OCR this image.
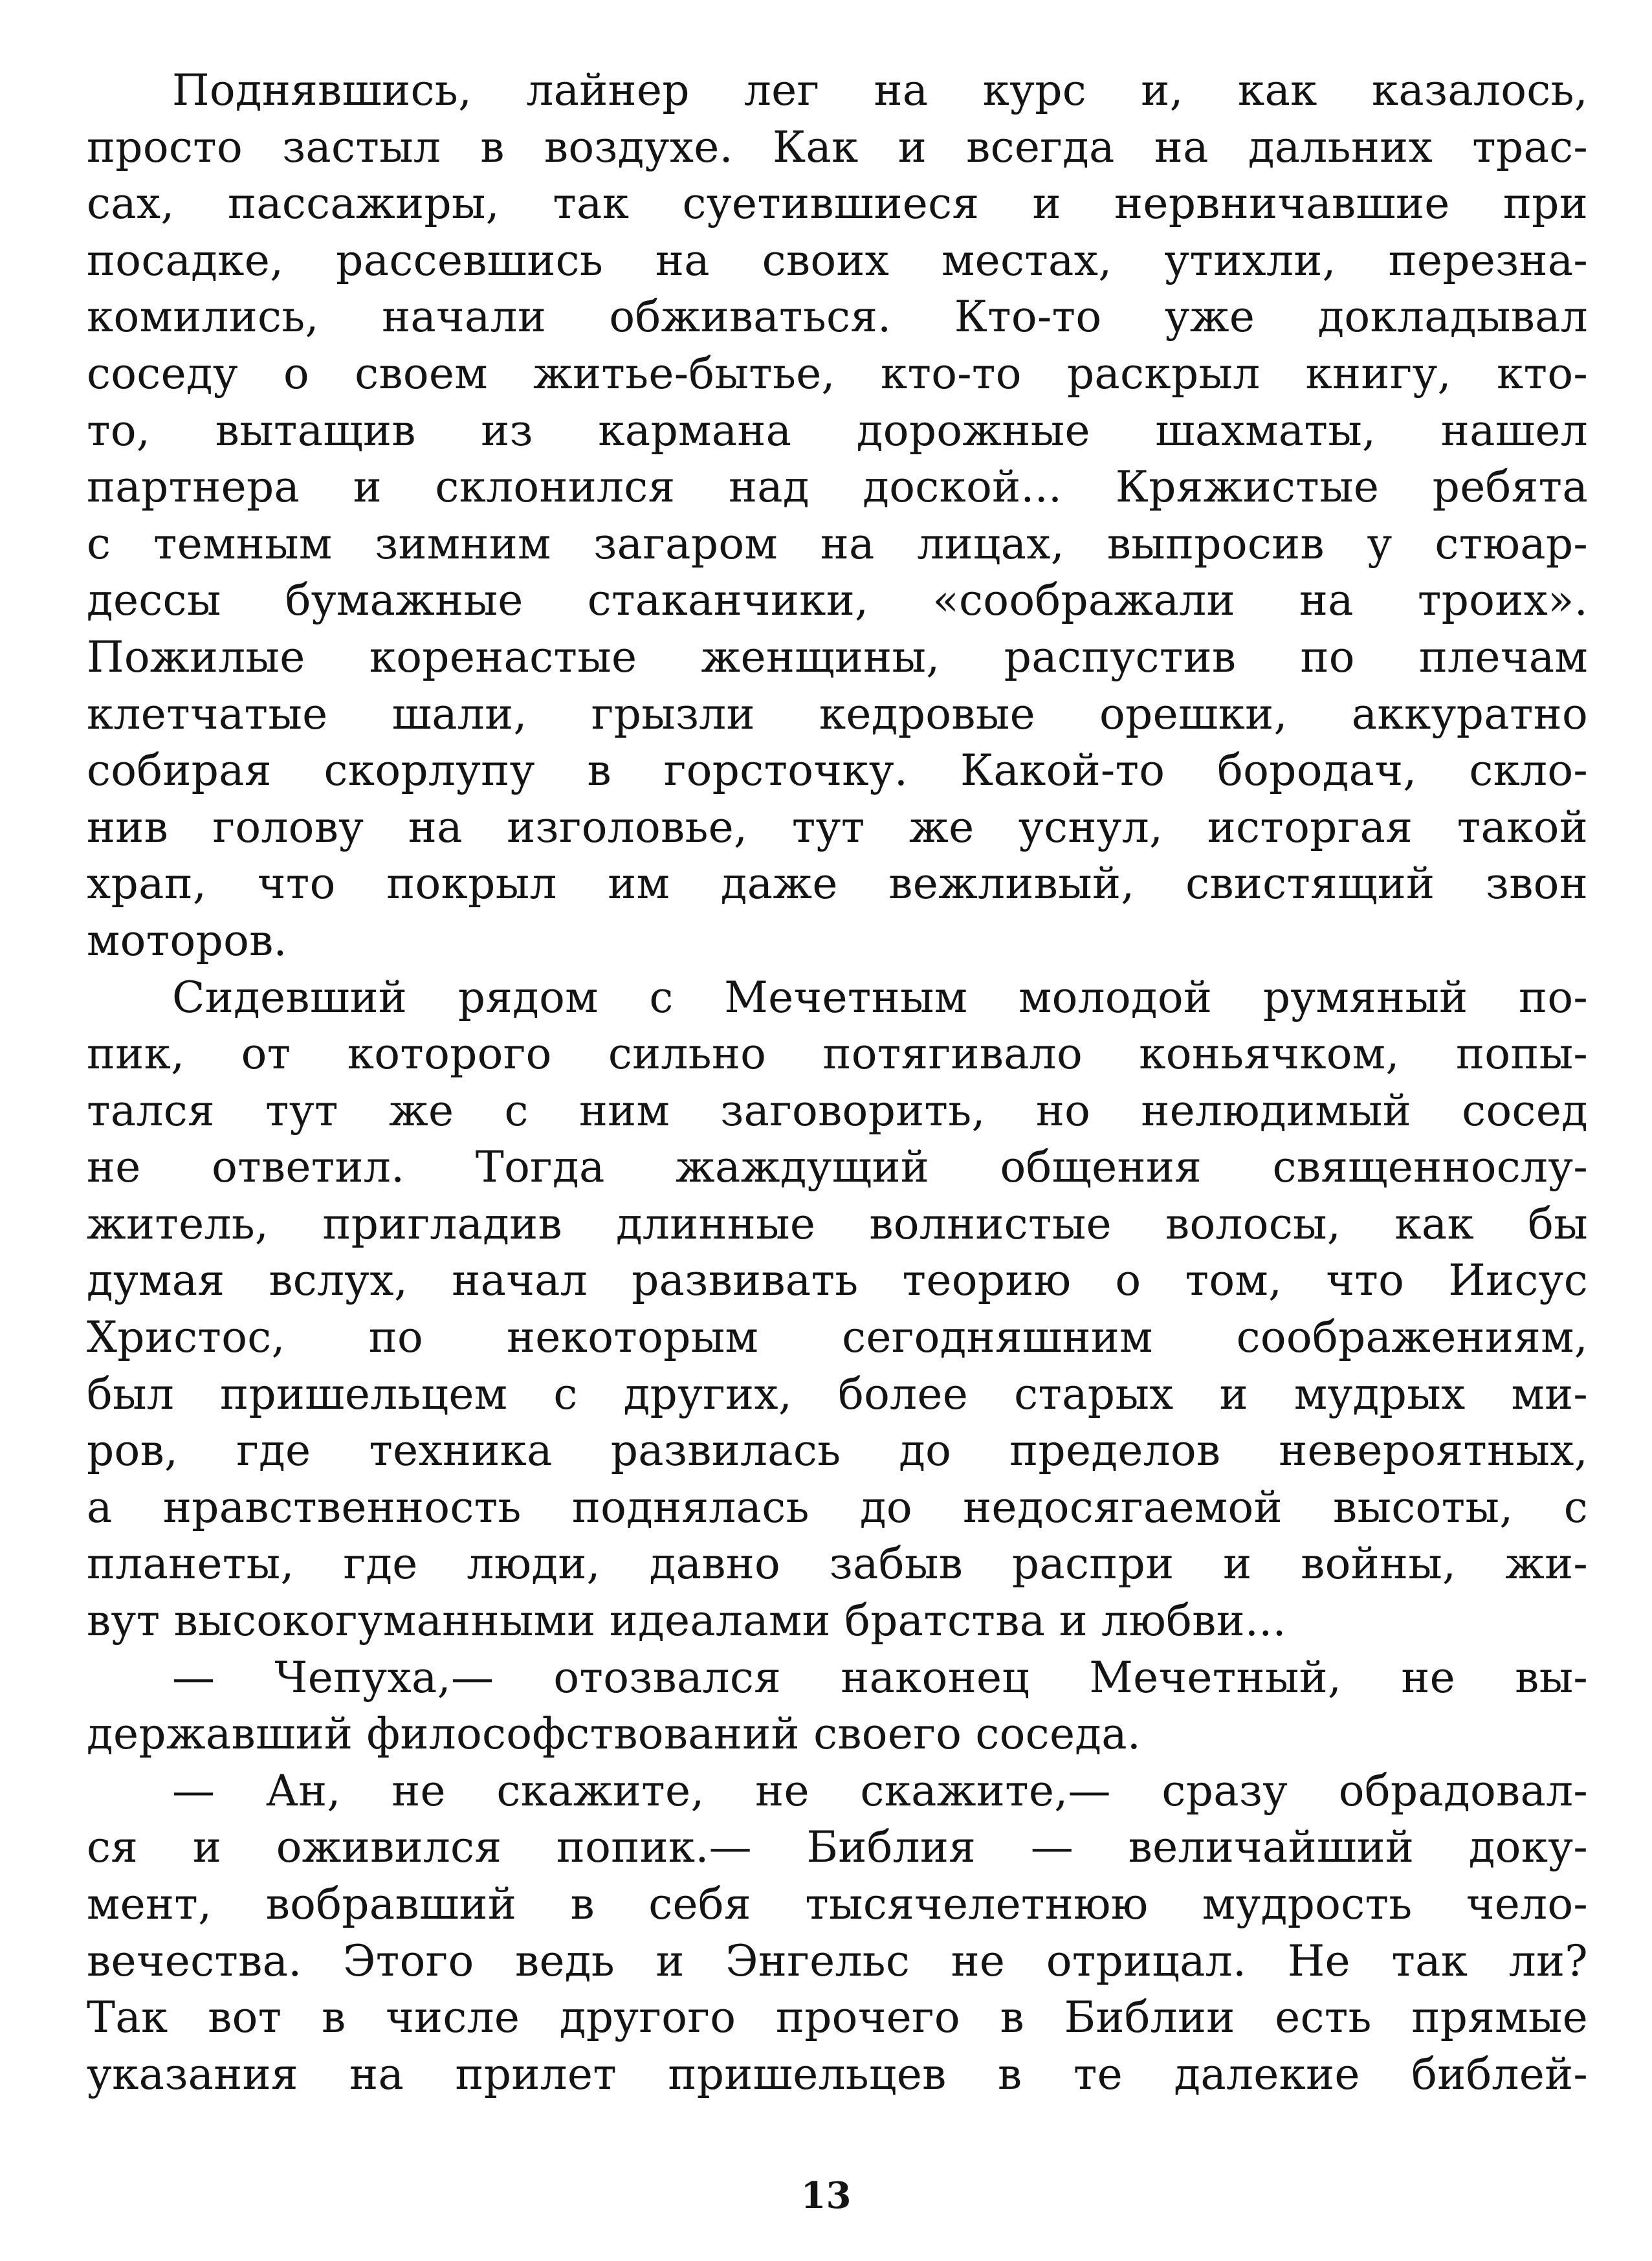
Поднявшись, лайнер лег на курс и, как казалось,
просто застыл в воздухе. Как и всегда на дальних трас-
сах, пассажиры, так суетившиеся и нервничавшие при
посадке, рассевшись на своих местах, утихли, перезна-
комились, начали обживаться. Кто-то уже докладывал
соседу о своем житье-бытье, кто-то раскрыл книгу, кто-
то, вытащив из кармана дорожные шахматы, нашел
партнера и склонился над доской... Кряжистые ребята
с темным зимним загаром на лицах, выпросив у стюар-
дессы бумажные стаканчики, «соображали на троих».
Пожилые коренастые женщины, распустив по плечам
клетчатые шали, грызли кедровые орешки, аккуратно
собирая скорлупу в горсточку. Какой-то бородач, скло-
нив голову на изголовье, тут же уснул, исторгая такой
храп, что покрыл им даже вежливый, свистящий звон
моторов.
Сидевший рядом с Мечетным молодой румяный по-
пик, от которого сильно потягивало коньячком, попы-
тался тут же с ним заговорить, но нелюдимый сосед
не ответил. Тогда жаждущий общения священнослу-
житель, пригладив длинные волнистые волосы, как бы
думая вслух, начал развивать теорию о том, что Иисус
Христос, по некоторым сегодняшним соображениям,
был пришельцем с других, более старых и мудрых ми-
ров, где техника развилась до пределов невероятных,
а нравственность поднялась до недосягаемой высоты, с
планеты, где люди, давно забыв распри и войны, жи-
вут высокогуманными идеалами братства и любви...
— Чепуха,— отозвался наконец Мечетный, не вы-
державший философствований своего соседа.
— Ан, не скажите, не скажите,— сразу обрадовал-
ся и оживился попик.— Библия — величайший доку-
мент, вобравший в себя тысячелетнюю мудрость чело-
вечества. Этого ведь и Энгельс не отрицал. Не так ли?
Так вот в числе другого прочего в Библии есть прямые
указания на прилет пришельцев в те далекие библей-
13
